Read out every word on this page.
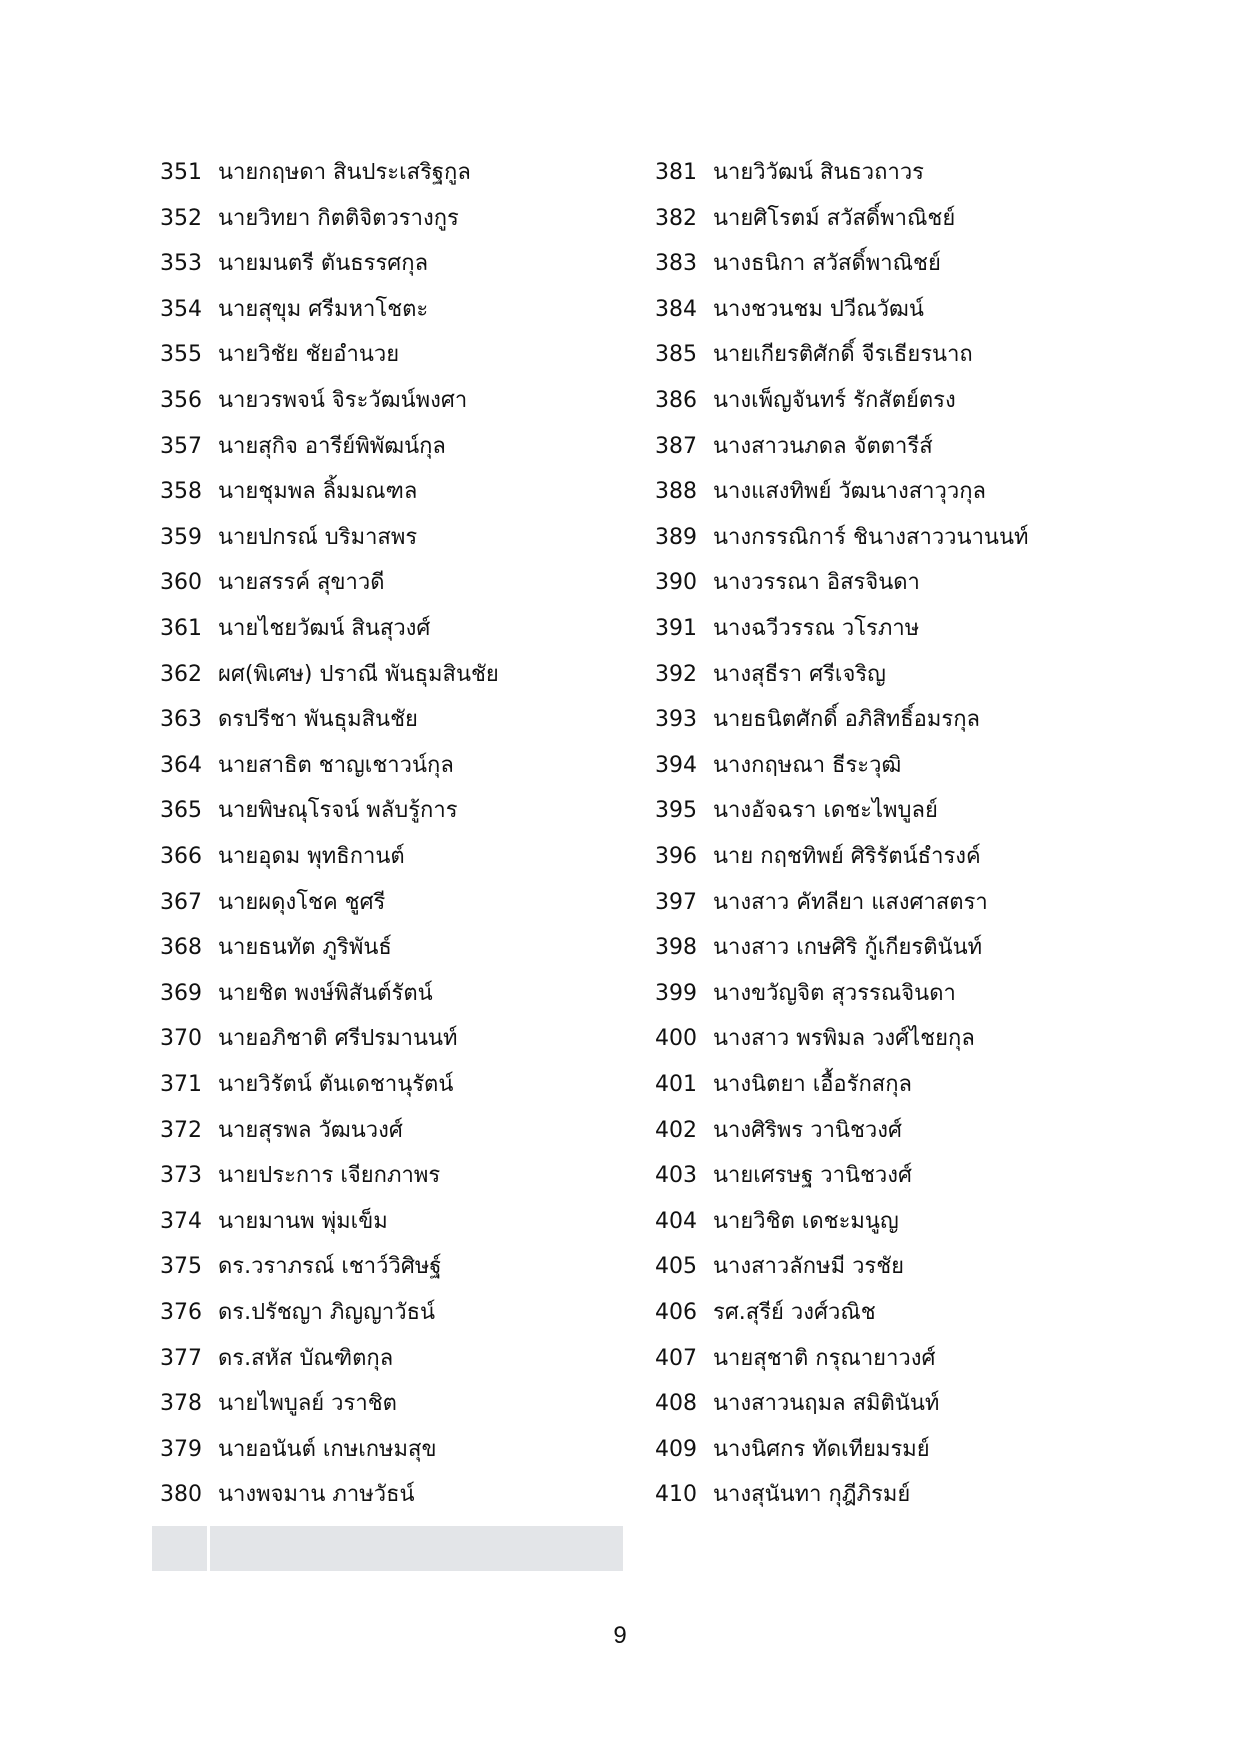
351 นายกฤษดา สินประเสริฐกูล
352 นายวิทยา กิตติจิตวรางกูร
353 นายมนตรี ตันธรรศกุล
354 นายสุขุม ศรีมหาโชตะ
355 นายวิชัย ชัยอำนวย
356 นายวรพจน์ จิระวัฒน์พงศา
357 นายสุกิจ อารีย์พิพัฒน์กุล
358 นายชุมพล ลิ้มมณฑล
359 นายปกรณ์ บริมาสพร
360 นายสรรค์ สุขาวดี
361 นายไชยวัฒน์ สินสุวงศ์
362 ผศ(พิเศษ) ปราณี พันธุมสินชัย
363 ดรปรีชา พันธุมสินชัย
364 นายสาธิต ชาญเชาวน์กุล
365 นายพิษณุโรจน์ พลับรู้การ
366 นายอุดม พุทธิกานต์
367 นายผดุงโชค ชูศรี
368 นายธนทัต ภูริพันธ์
369 นายชิต พงษ์พิสันต์รัตน์
370 นายอภิชาติ ศรีปรมานนท์
371 นายวิรัตน์ ตันเดชานุรัตน์
372 นายสุรพล วัฒนวงศ์
373 นายประการ เจียกภาพร
374 นายมานพ พุ่มเข็ม
375 ดร.วราภรณ์ เชาว์วิศิษฐ์
376 ดร.ปรัชญา ภิญญาวัธน์
377 ดร.สหัส บัณฑิตกุล
378 นายไพบูลย์ วราชิต
379 นายอนันต์ เกษเกษมสุข
380 นางพจมาน ภาษวัธน์
381 นายวิวัฒน์ สินธวถาวร
382 นายศิโรตม์ สวัสดิ์พาณิชย์
383 นางธนิกา สวัสดิ์พาณิชย์
384 นางชวนชม ปวีณวัฒน์
385 นายเกียรติศักดิ์ จีรเธียรนาถ
386 นางเพ็ญจันทร์ รักสัตย์ตรง
387 นางสาวนภดล จัตตารีส์
388 นางแสงทิพย์ วัฒนางสาวุวกุล
389 นางกรรณิการ์ ชินางสาววนานนท์
390 นางวรรณา อิสรจินดา
391 นางฉวีวรรณ วโรภาษ
392 นางสุธีรา ศรีเจริญ
393 นายธนิตศักดิ์ อภิสิทธิ์อมรกุล
394 นางกฤษณา ธีระวุฒิ
395 นางอัจฉรา เดชะไพบูลย์
396 นาย กฤชทิพย์ ศิริรัตน์ธำรงค์
397 นางสาว คัทลียา แสงศาสตรา
398 นางสาว เกษศิริ กู้เกียรตินันท์
399 นางขวัญจิต สุวรรณจินดา
400 นางสาว พรพิมล วงศ์ไชยกุล
401 นางนิตยา เอื้อรักสกุล
402 นางศิริพร วานิชวงศ์
403 นายเศรษฐ วานิชวงศ์
404 นายวิชิต เดชะมนูญ
405 นางสาวลักษมี วรชัย
406 รศ.สุรีย์ วงศ์วณิช
407 นายสุชาติ กรุณายาวงศ์
408 นางสาวนฤมล สมิตินันท์
409 นางนิศกร ทัดเทียมรมย์
410 นางสุนันทา กุฎีภิรมย์
9
